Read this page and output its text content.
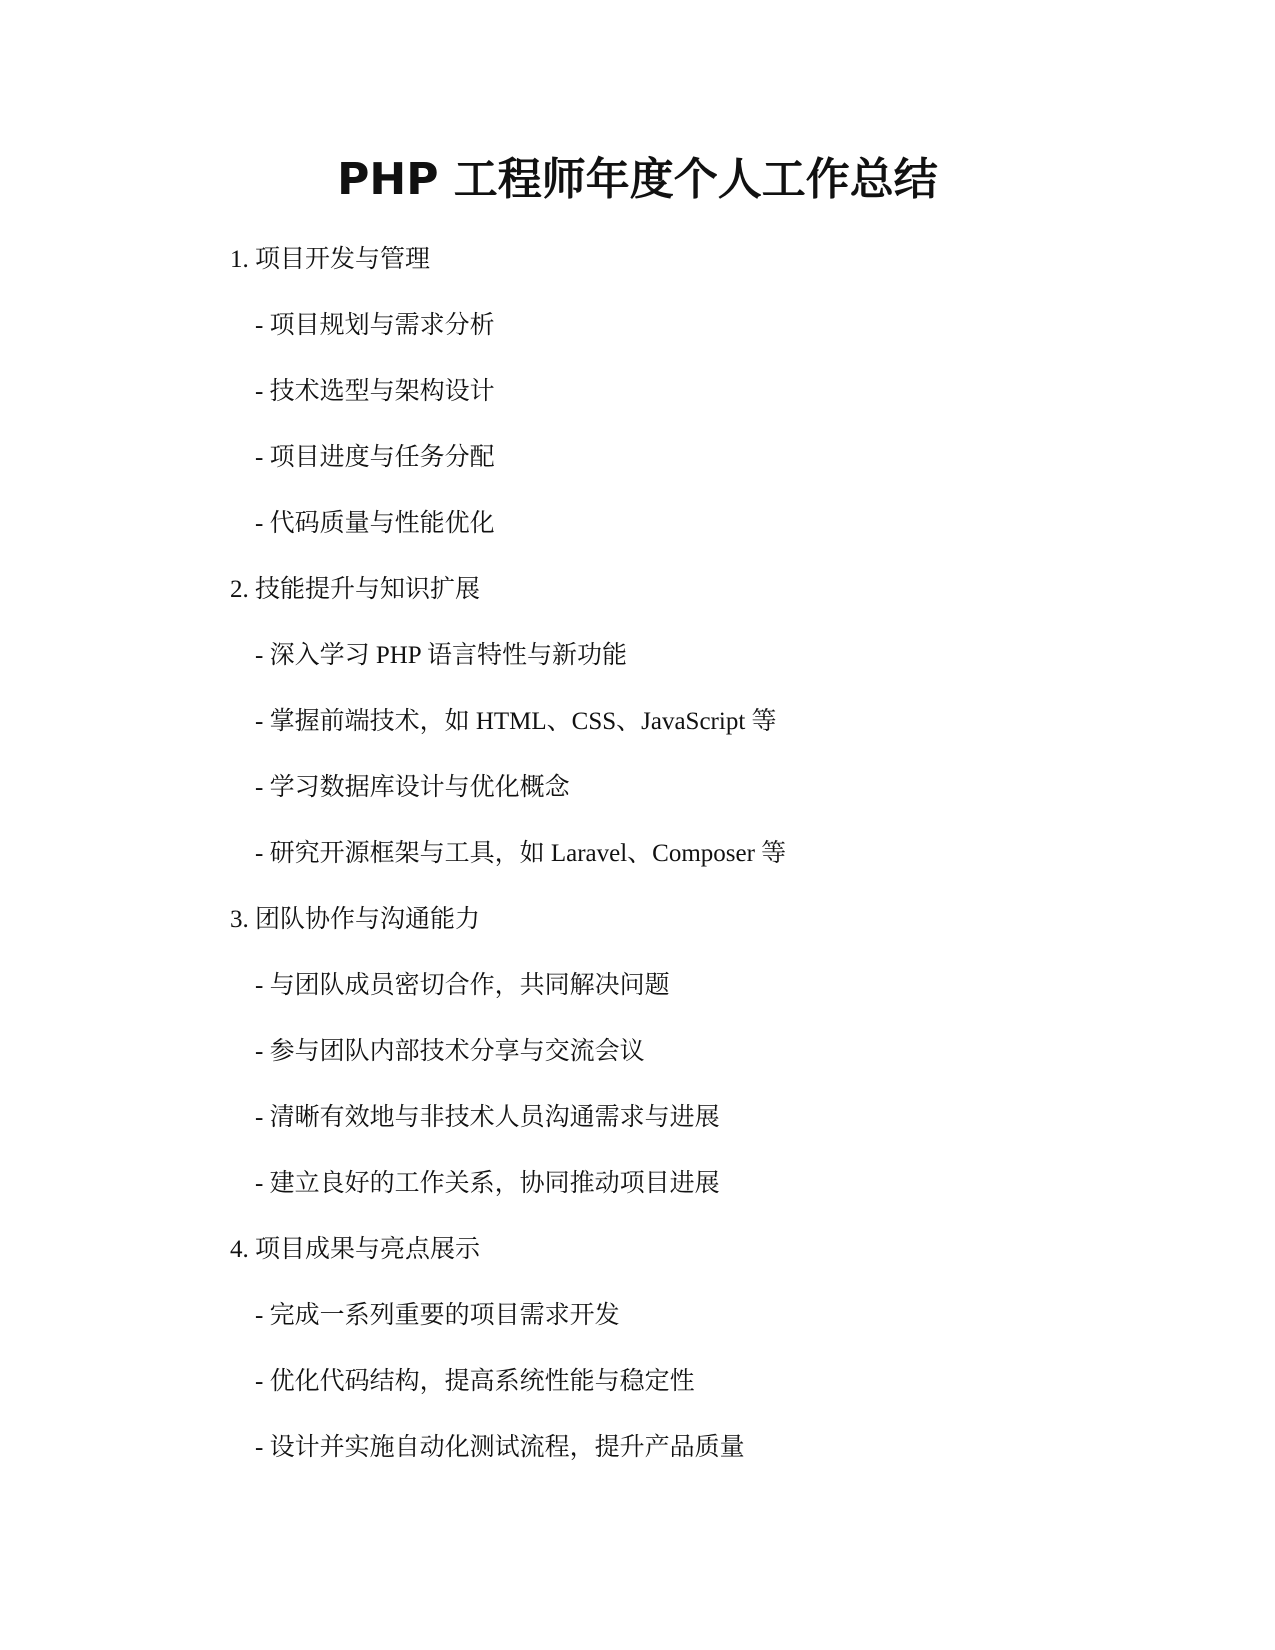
PHP 工程师年度个人工作总结
1. 项目开发与管理
- 项目规划与需求分析
- 技术选型与架构设计
- 项目进度与任务分配
- 代码质量与性能优化
2. 技能提升与知识扩展
- 深入学习 PHP 语言特性与新功能
- 掌握前端技术，如 HTML、CSS、JavaScript 等
- 学习数据库设计与优化概念
- 研究开源框架与工具，如 Laravel、Composer 等
3. 团队协作与沟通能力
- 与团队成员密切合作，共同解决问题
- 参与团队内部技术分享与交流会议
- 清晰有效地与非技术人员沟通需求与进展
- 建立良好的工作关系，协同推动项目进展
4. 项目成果与亮点展示
- 完成一系列重要的项目需求开发
- 优化代码结构，提高系统性能与稳定性
- 设计并实施自动化测试流程，提升产品质量
